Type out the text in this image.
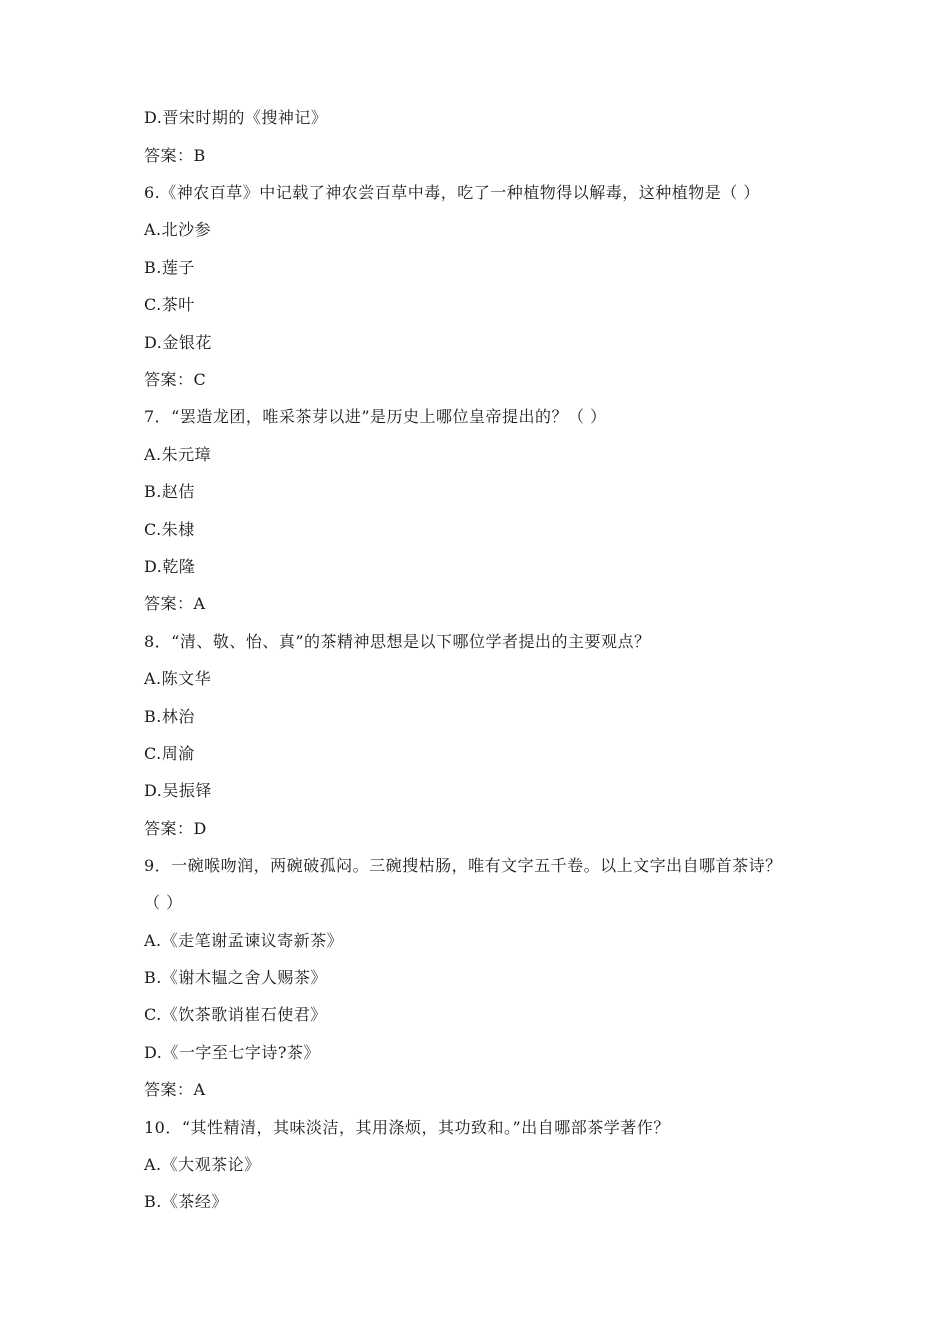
D.晋宋时期的《搜神记》
答案：B
6.《神农百草》中记载了神农尝百草中毒，吃了一种植物得以解毒，这种植物是（ ）
A.北沙参
B.莲子
C.茶叶
D.金银花
答案：C
7．“罢造龙团，唯采茶芽以进”是历史上哪位皇帝提出的？（ ）
A.朱元璋
B.赵佶
C.朱棣
D.乾隆
答案：A
8．“清、敬、怡、真”的茶精神思想是以下哪位学者提出的主要观点？
A.陈文华
B.林治
C.周渝
D.吴振铎
答案：D
9．一碗喉吻润，两碗破孤闷。三碗搜枯肠，唯有文字五千卷。以上文字出自哪首茶诗？
（ ）
A.《走笔谢孟谏议寄新茶》
B.《谢木韫之舍人赐茶》
C.《饮茶歌诮崔石使君》
D.《一字至七字诗?茶》
答案：A
10．“其性精清，其味淡洁，其用涤烦，其功致和。”出自哪部茶学著作？
A.《大观茶论》
B.《茶经》
